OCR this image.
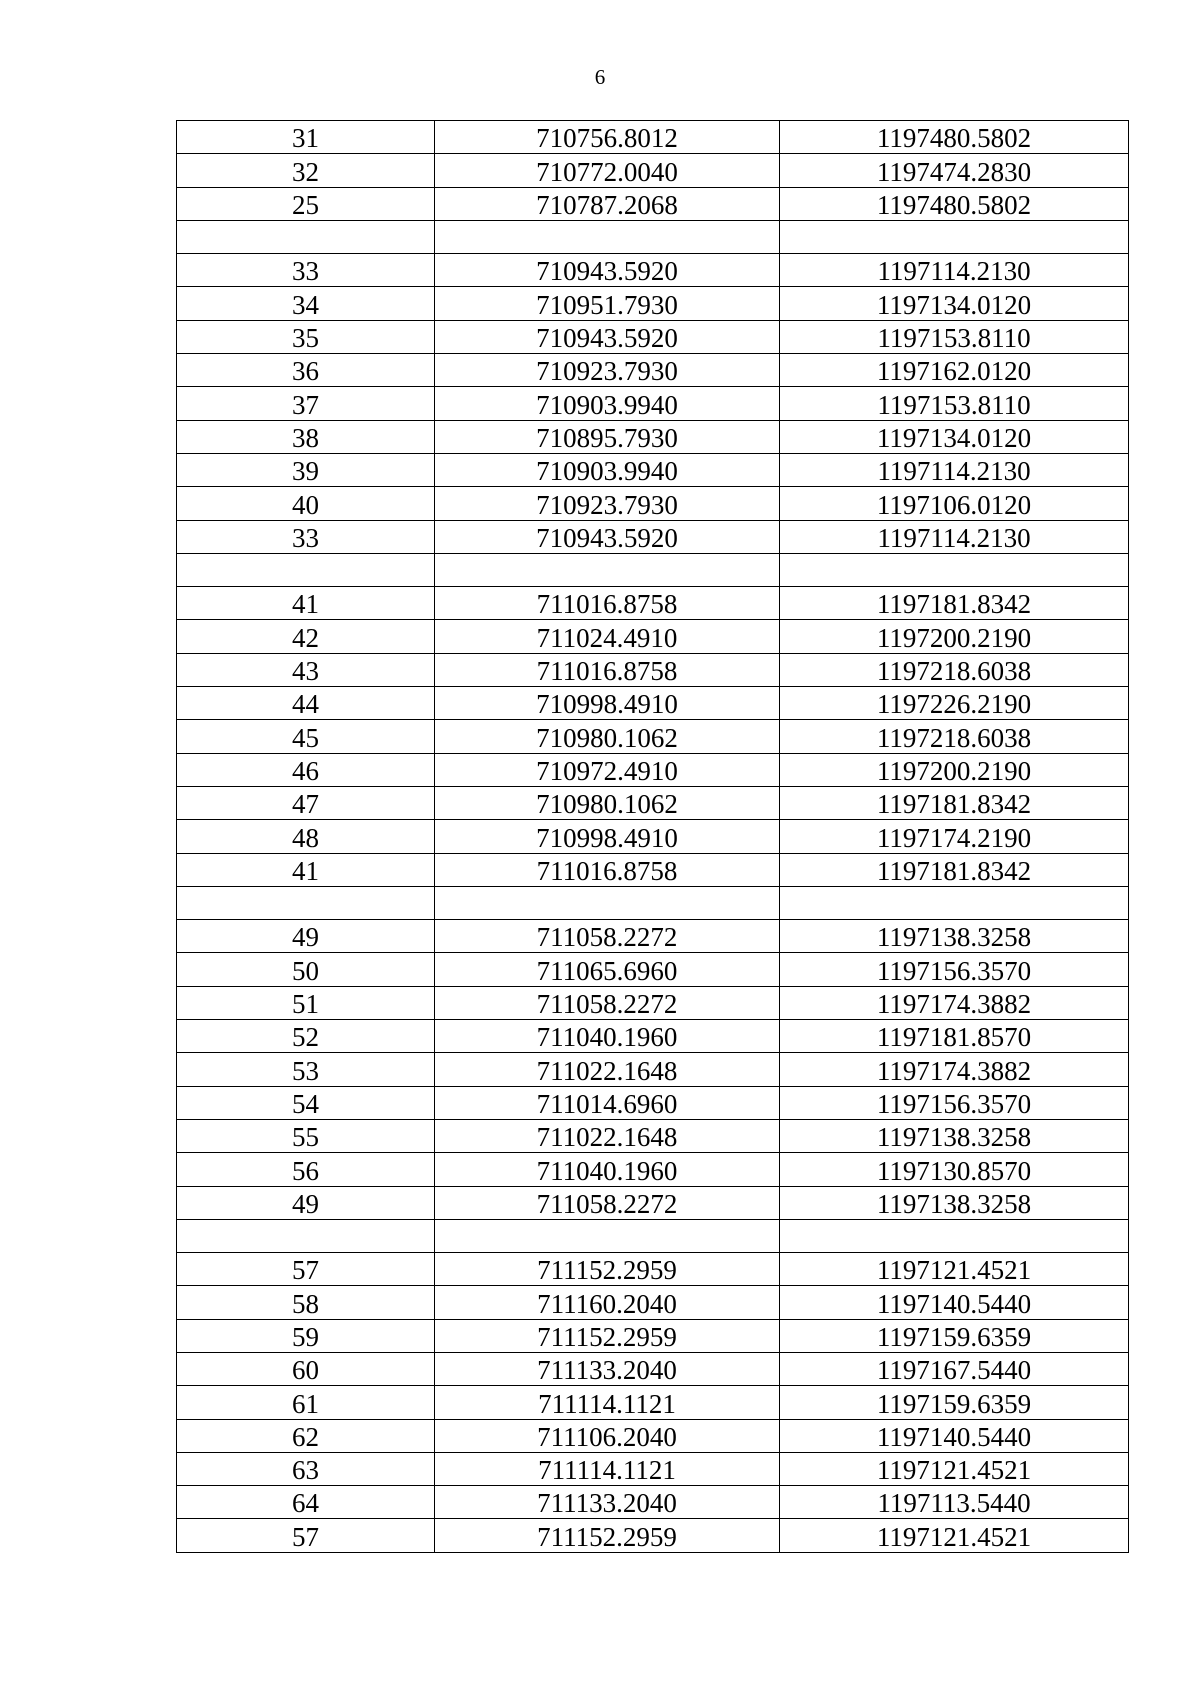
6
31	710756.8012	1197480.5802
32	710772.0040	1197474.2830
25	710787.2068	1197480.5802

33	710943.5920	1197114.2130
34	710951.7930	1197134.0120
35	710943.5920	1197153.8110
36	710923.7930	1197162.0120
37	710903.9940	1197153.8110
38	710895.7930	1197134.0120
39	710903.9940	1197114.2130
40	710923.7930	1197106.0120
33	710943.5920	1197114.2130

41	711016.8758	1197181.8342
42	711024.4910	1197200.2190
43	711016.8758	1197218.6038
44	710998.4910	1197226.2190
45	710980.1062	1197218.6038
46	710972.4910	1197200.2190
47	710980.1062	1197181.8342
48	710998.4910	1197174.2190
41	711016.8758	1197181.8342

49	711058.2272	1197138.3258
50	711065.6960	1197156.3570
51	711058.2272	1197174.3882
52	711040.1960	1197181.8570
53	711022.1648	1197174.3882
54	711014.6960	1197156.3570
55	711022.1648	1197138.3258
56	711040.1960	1197130.8570
49	711058.2272	1197138.3258

57	711152.2959	1197121.4521
58	711160.2040	1197140.5440
59	711152.2959	1197159.6359
60	711133.2040	1197167.5440
61	711114.1121	1197159.6359
62	711106.2040	1197140.5440
63	711114.1121	1197121.4521
64	711133.2040	1197113.5440
57	711152.2959	1197121.4521
